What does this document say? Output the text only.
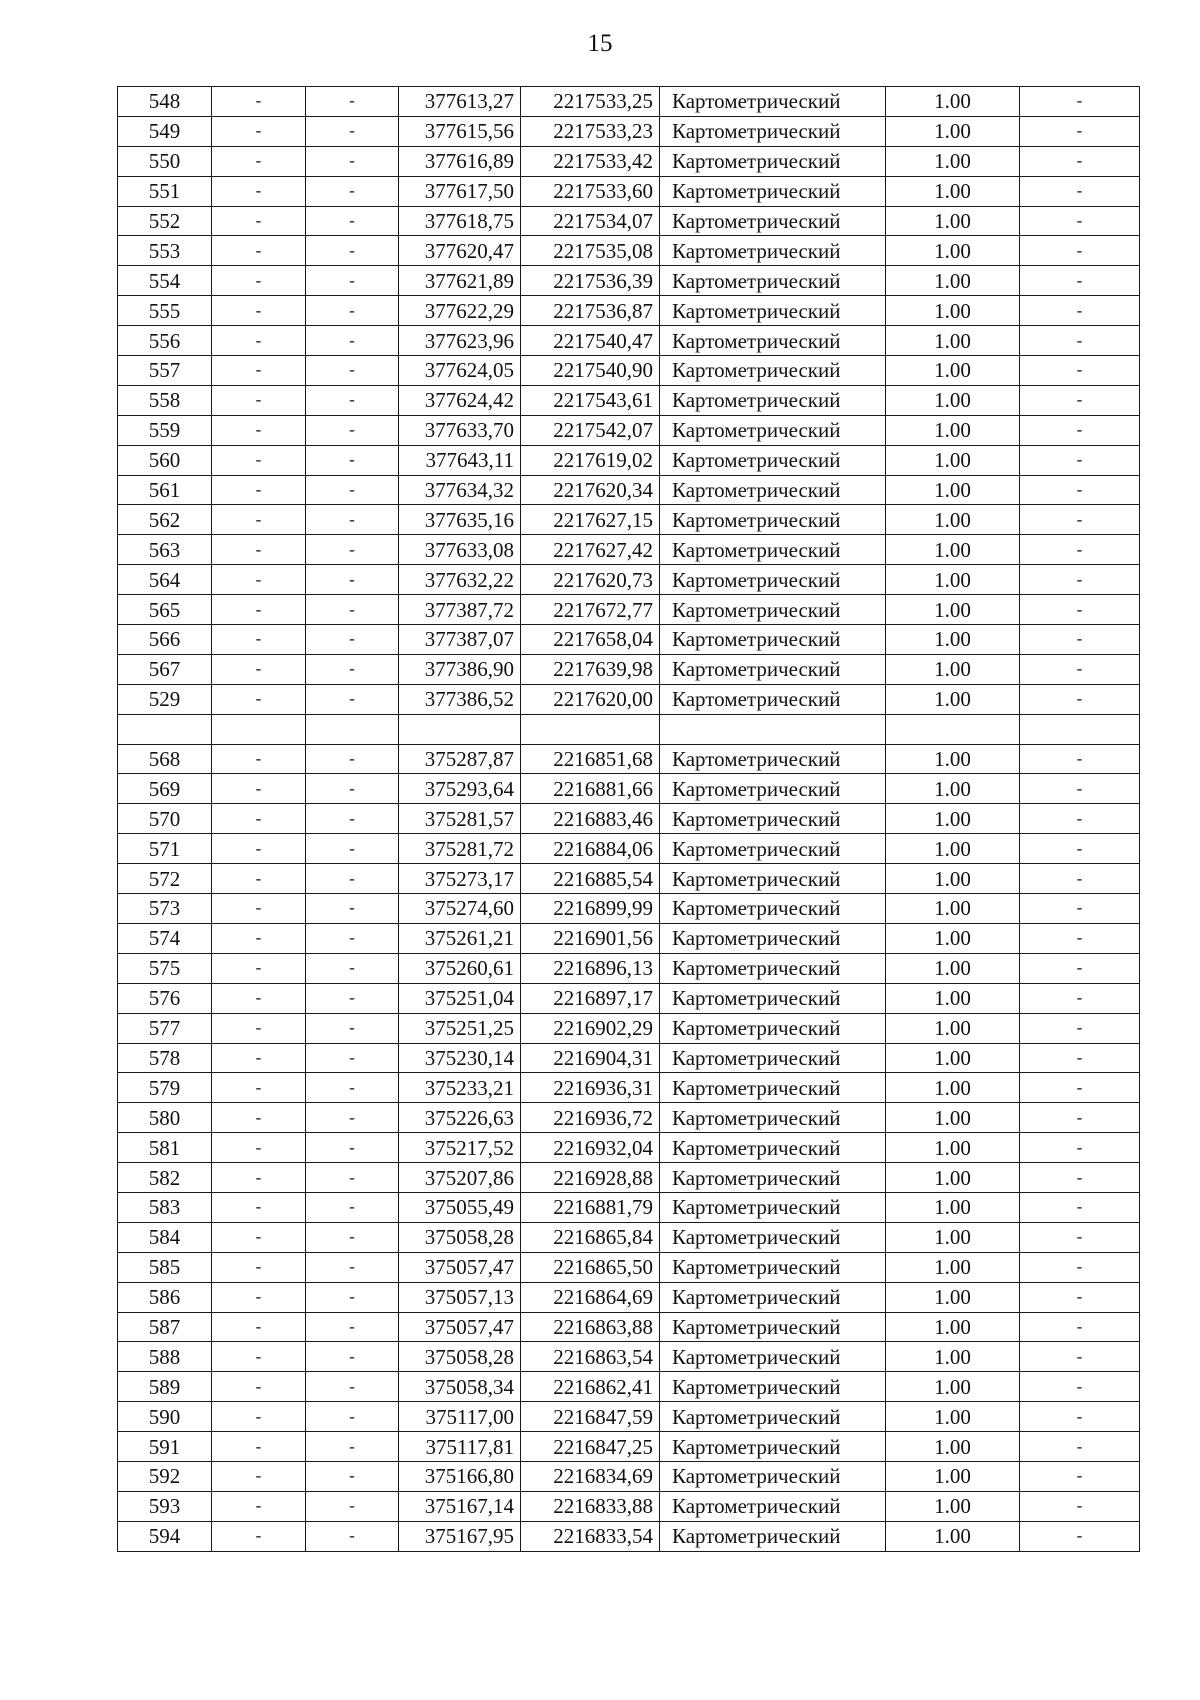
15
548	-	-	377613,27	2217533,25	Картометрический	1.00	-
549	-	-	377615,56	2217533,23	Картометрический	1.00	-
550	-	-	377616,89	2217533,42	Картометрический	1.00	-
551	-	-	377617,50	2217533,60	Картометрический	1.00	-
552	-	-	377618,75	2217534,07	Картометрический	1.00	-
553	-	-	377620,47	2217535,08	Картометрический	1.00	-
554	-	-	377621,89	2217536,39	Картометрический	1.00	-
555	-	-	377622,29	2217536,87	Картометрический	1.00	-
556	-	-	377623,96	2217540,47	Картометрический	1.00	-
557	-	-	377624,05	2217540,90	Картометрический	1.00	-
558	-	-	377624,42	2217543,61	Картометрический	1.00	-
559	-	-	377633,70	2217542,07	Картометрический	1.00	-
560	-	-	377643,11	2217619,02	Картометрический	1.00	-
561	-	-	377634,32	2217620,34	Картометрический	1.00	-
562	-	-	377635,16	2217627,15	Картометрический	1.00	-
563	-	-	377633,08	2217627,42	Картометрический	1.00	-
564	-	-	377632,22	2217620,73	Картометрический	1.00	-
565	-	-	377387,72	2217672,77	Картометрический	1.00	-
566	-	-	377387,07	2217658,04	Картометрический	1.00	-
567	-	-	377386,90	2217639,98	Картометрический	1.00	-
529	-	-	377386,52	2217620,00	Картометрический	1.00	-

568	-	-	375287,87	2216851,68	Картометрический	1.00	-
569	-	-	375293,64	2216881,66	Картометрический	1.00	-
570	-	-	375281,57	2216883,46	Картометрический	1.00	-
571	-	-	375281,72	2216884,06	Картометрический	1.00	-
572	-	-	375273,17	2216885,54	Картометрический	1.00	-
573	-	-	375274,60	2216899,99	Картометрический	1.00	-
574	-	-	375261,21	2216901,56	Картометрический	1.00	-
575	-	-	375260,61	2216896,13	Картометрический	1.00	-
576	-	-	375251,04	2216897,17	Картометрический	1.00	-
577	-	-	375251,25	2216902,29	Картометрический	1.00	-
578	-	-	375230,14	2216904,31	Картометрический	1.00	-
579	-	-	375233,21	2216936,31	Картометрический	1.00	-
580	-	-	375226,63	2216936,72	Картометрический	1.00	-
581	-	-	375217,52	2216932,04	Картометрический	1.00	-
582	-	-	375207,86	2216928,88	Картометрический	1.00	-
583	-	-	375055,49	2216881,79	Картометрический	1.00	-
584	-	-	375058,28	2216865,84	Картометрический	1.00	-
585	-	-	375057,47	2216865,50	Картометрический	1.00	-
586	-	-	375057,13	2216864,69	Картометрический	1.00	-
587	-	-	375057,47	2216863,88	Картометрический	1.00	-
588	-	-	375058,28	2216863,54	Картометрический	1.00	-
589	-	-	375058,34	2216862,41	Картометрический	1.00	-
590	-	-	375117,00	2216847,59	Картометрический	1.00	-
591	-	-	375117,81	2216847,25	Картометрический	1.00	-
592	-	-	375166,80	2216834,69	Картометрический	1.00	-
593	-	-	375167,14	2216833,88	Картометрический	1.00	-
594	-	-	375167,95	2216833,54	Картометрический	1.00	-
